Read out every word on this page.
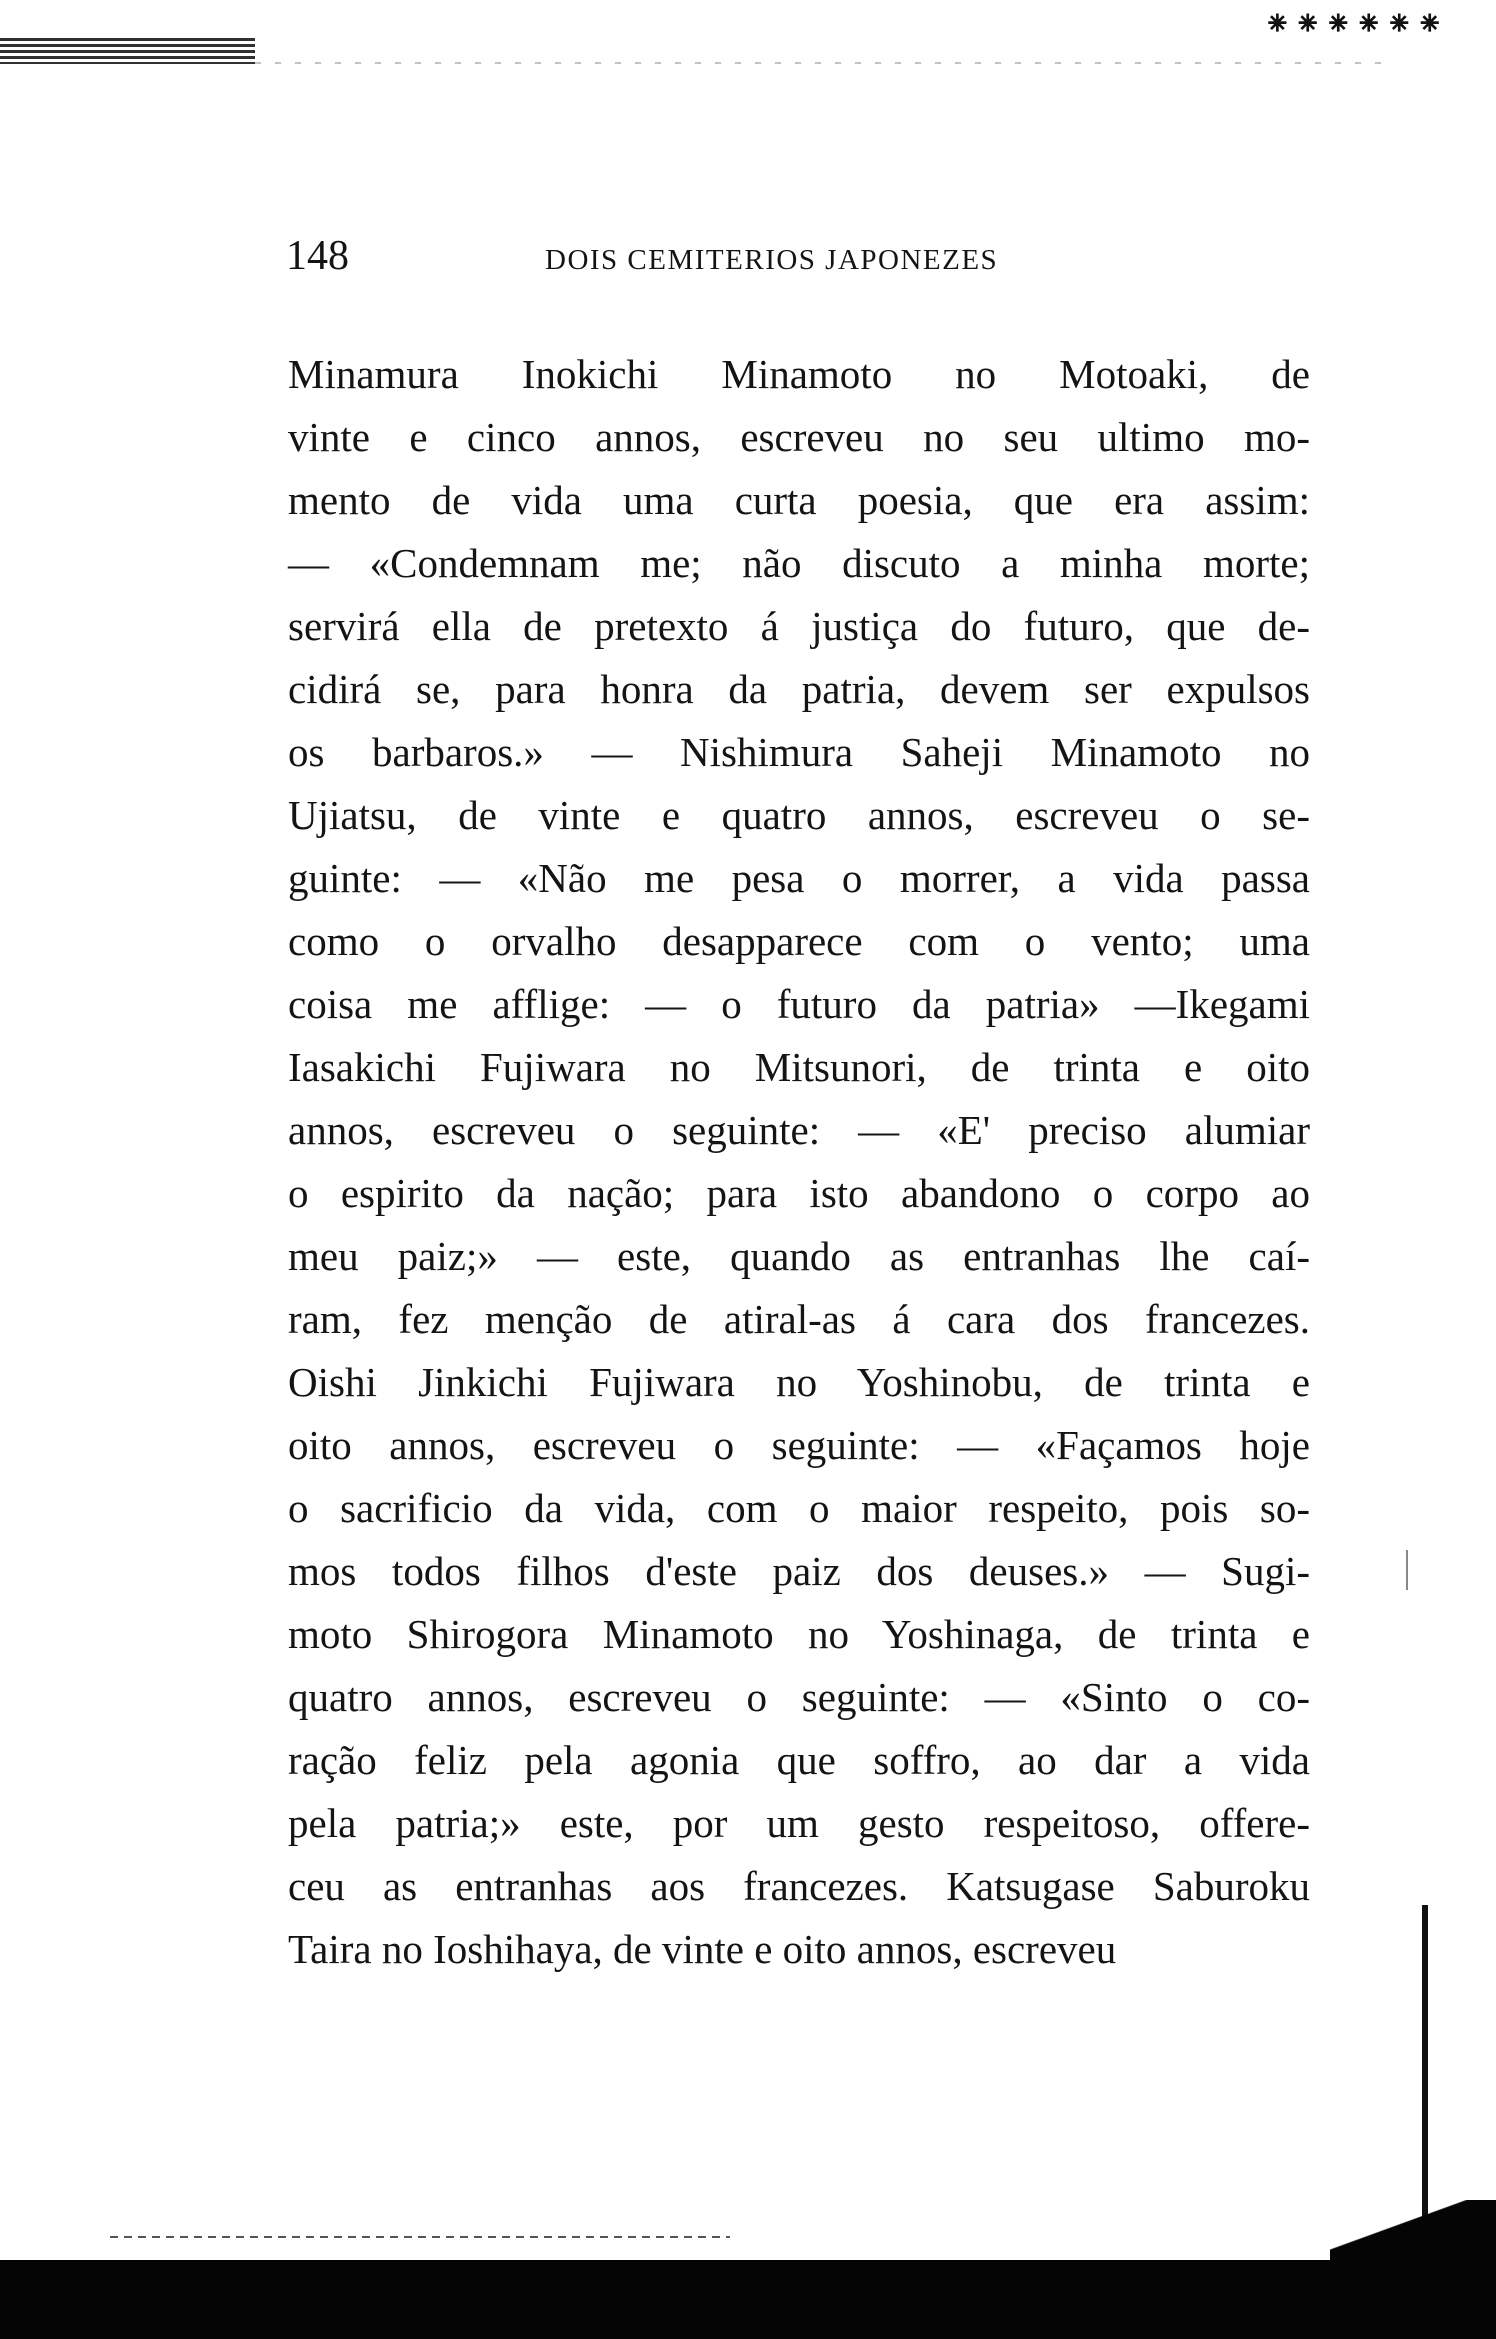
⁕⁕⁕⁕⁕⁕
148	DOIS CEMITERIOS JAPONEZES
Minamura Inokichi Minamoto no Motoaki, de
vinte e cinco annos, escreveu no seu ultimo mo-
mento de vida uma curta poesia, que era assim:
— «Condemnam me; não discuto a minha morte;
servirá ella de pretexto á justiça do futuro, que de-
cidirá se, para honra da patria, devem ser expulsos
os barbaros.» — Nishimura Saheji Minamoto no
Ujiatsu, de vinte e quatro annos, escreveu o se-
guinte: — «Não me pesa o morrer, a vida passa
como o orvalho desapparece com o vento; uma
coisa me afflige: — o futuro da patria» —Ikegami
Iasakichi Fujiwara no Mitsunori, de trinta e oito
annos, escreveu o seguinte: — «E' preciso alumiar
o espirito da nação; para isto abandono o corpo ao
meu paiz;» — este, quando as entranhas lhe caí-
ram, fez menção de atiral-as á cara dos francezes.
Oishi Jinkichi Fujiwara no Yoshinobu, de trinta e
oito annos, escreveu o seguinte: — «Façamos hoje
o sacrificio da vida, com o maior respeito, pois so-
mos todos filhos d'este paiz dos deuses.» — Sugi-
moto Shirogora Minamoto no Yoshinaga, de trinta e
quatro annos, escreveu o seguinte: — «Sinto o co-
ração feliz pela agonia que soffro, ao dar a vida
pela patria;» este, por um gesto respeitoso, offere-
ceu as entranhas aos francezes. Katsugase Saburoku
Taira no Ioshihaya, de vinte e oito annos, escreveu
